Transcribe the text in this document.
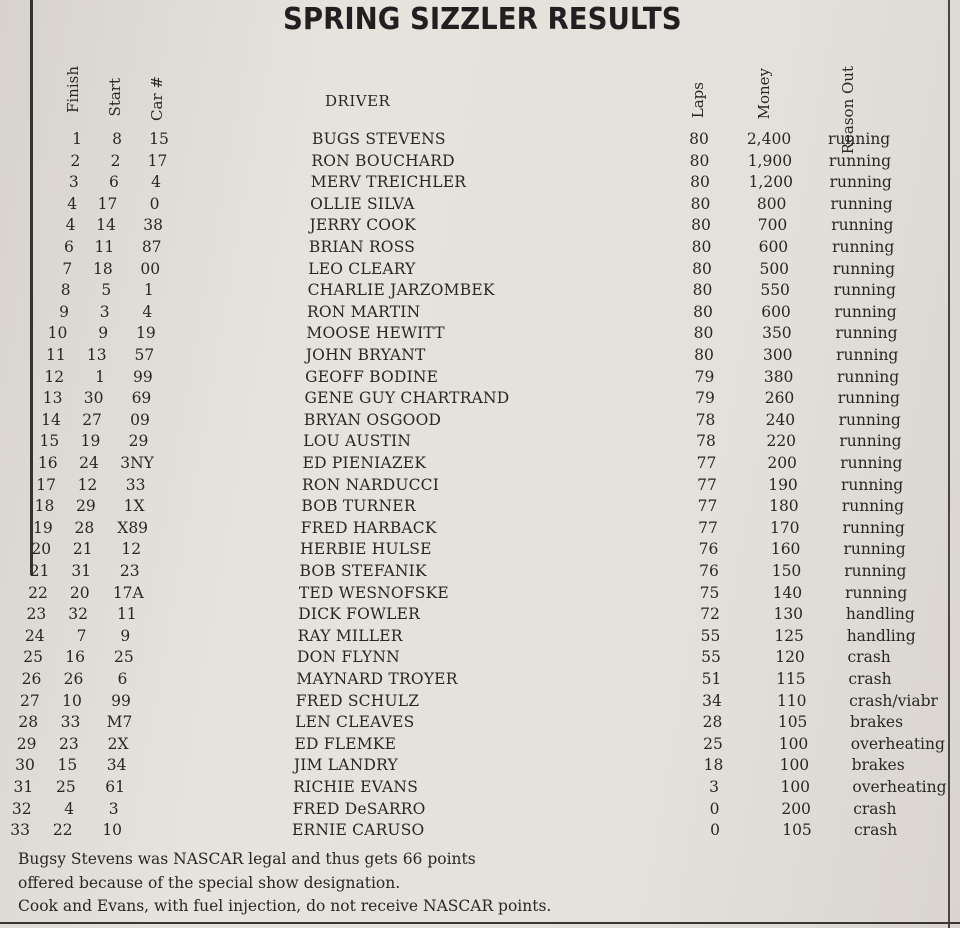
SPRING SIZZLER RESULTS
Finish Start Car #	DRIVER	Laps	Money	Reason Out
1	8	15	BUGS STEVENS	80	2,400	running
2	2	17	RON BOUCHARD	80	1,900	running
3	6	4	MERV TREICHLER	80	1,200	running
4	17	0	OLLIE SILVA	80	800	running
4	14	38	JERRY COOK	80	700	running
6	11	87	BRIAN ROSS	80	600	running
7	18	00	LEO CLEARY	80	500	running
8	5	1	CHARLIE JARZOMBEK	80	550	running
9	3	4	RON MARTIN	80	600	running
10	9	19	MOOSE HEWITT	80	350	running
11	13	57	JOHN BRYANT	80	300	running
12	1	99	GEOFF BODINE	79	380	running
13	30	69	GENE GUY CHARTRAND	79	260	running
14	27	09	BRYAN OSGOOD	78	240	running
15	19	29	LOU AUSTIN	78	220	running
16	24 3NY	ED PIENIAZEK	77	200	running
17	12	33	RON NARDUCCI	77	190	running
18	29	1X	BOB TURNER	77	180	running
19	28 X89	FRED HARBACK	77	170	running
20	21	12	HERBIE HULSE	76	160	running
21	31	23	BOB STEFANIK	76	150	running
22	20 17A	TED WESNOFSKE	75	140	running
23	32	11	DICK FOWLER	72	130	handling
24	7	9	RAY MILLER	55	125	handling
25	16	25	DON FLYNN	55	120	crash
26	26	6	MAYNARD TROYER	51	115	crash
27	10	99	FRED SCHULZ	34	110	crash/viabr
28	33	M7	LEN CLEAVES	28	105	brakes
29	23	2X	ED FLEMKE	25	100	overheating
30	15	34	JIM LANDRY	18	100	brakes
31	25	61	RICHIE EVANS	3	100	overheating
32	4	3	FRED DeSARRO	0	200	crash
33	22	10	ERNIE CARUSO	0	105	crash
Bugsy Stevens was NASCAR legal and thus gets 66 points
offered because of the special show designation.
Cook and Evans, with fuel injection, do not receive NASCAR points.
